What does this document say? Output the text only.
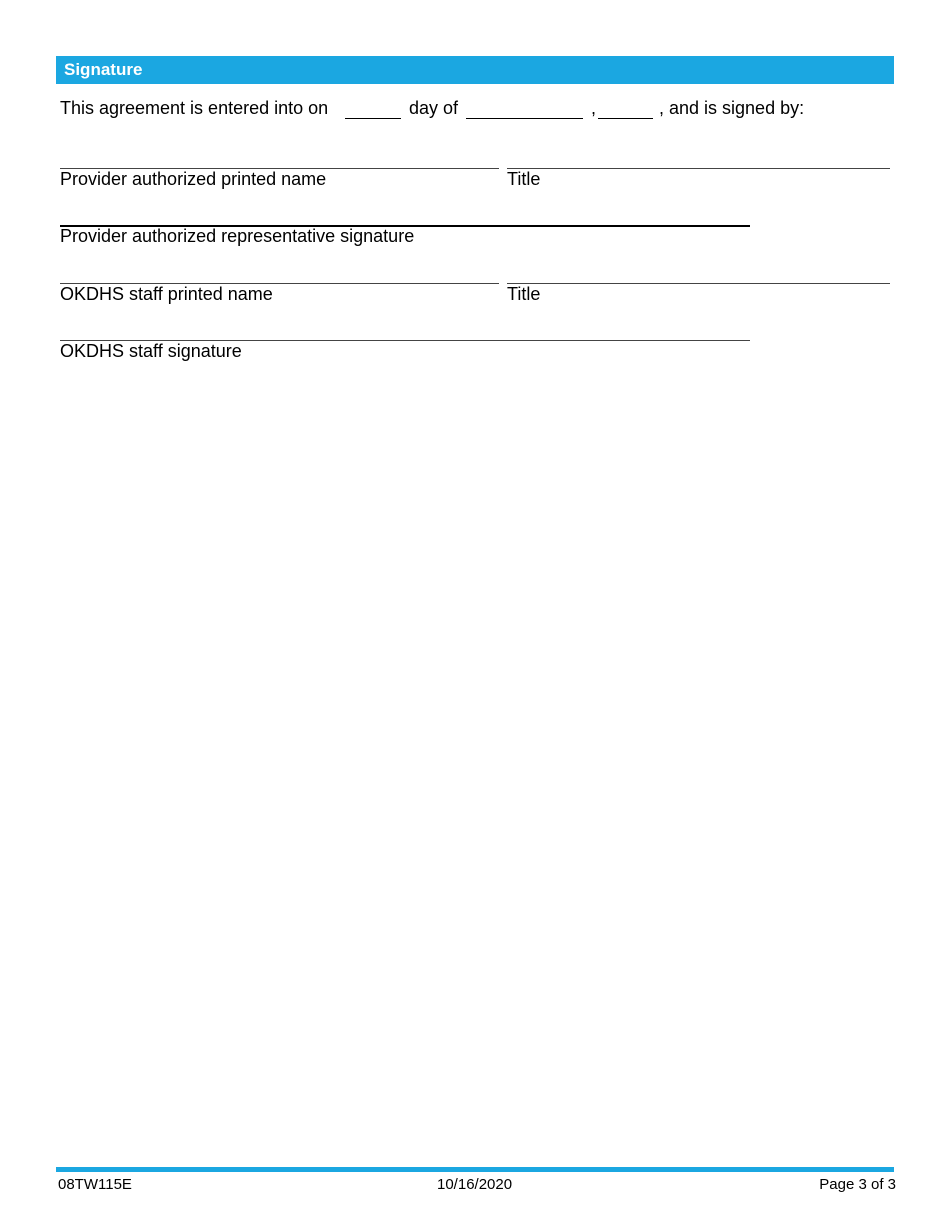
Signature
This agreement is entered into on	day of	,	, and is signed by:
Provider authorized printed name	Title
Provider authorized representative signature
OKDHS staff printed name	Title
OKDHS staff signature
08TW115E	10/16/2020	Page 3 of 3
